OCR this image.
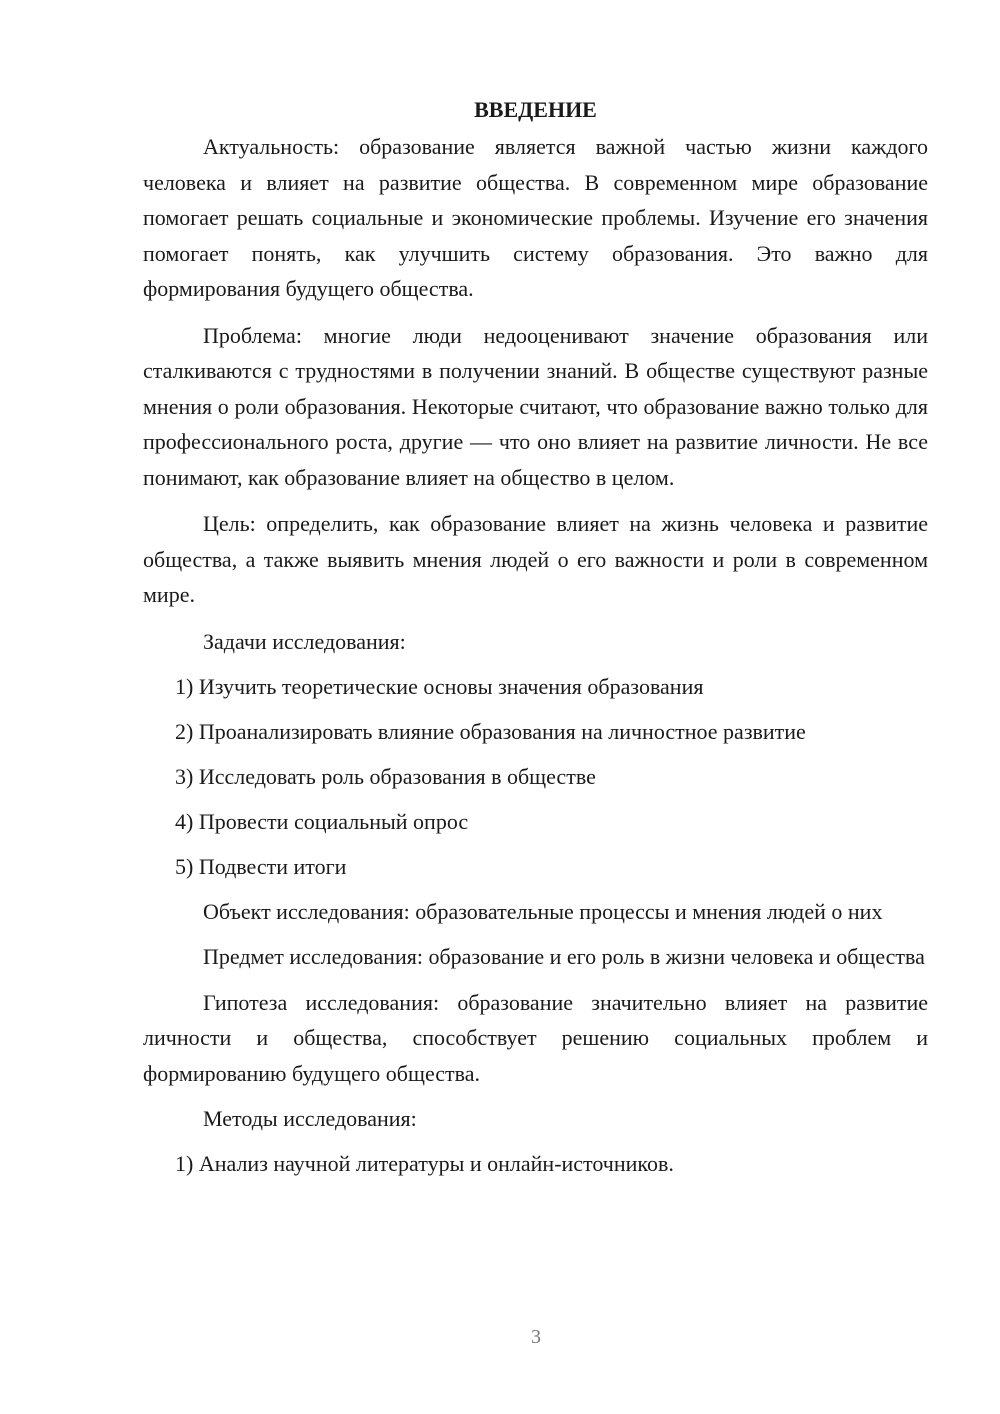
ВВЕДЕНИЕ

Актуальность: образование является важной частью жизни каждого человека и влияет на развитие общества. В современном мире образование помогает решать социальные и экономические проблемы. Изучение его значения помогает понять, как улучшить систему образования. Это важно для формирования будущего общества.

Проблема: многие люди недооценивают значение образования или сталкиваются с трудностями в получении знаний. В обществе существуют разные мнения о роли образования. Некоторые считают, что образование важно только для профессионального роста, другие — что оно влияет на развитие личности. Не все понимают, как образование влияет на общество в целом.

Цель: определить, как образование влияет на жизнь человека и развитие общества, а также выявить мнения людей о его важности и роли в современном мире.

Задачи исследования:

1) Изучить теоретические основы значения образования

2) Проанализировать влияние образования на личностное развитие

3) Исследовать роль образования в обществе

4) Провести социальный опрос

5) Подвести итоги

Объект исследования: образовательные процессы и мнения людей о них

Предмет исследования: образование и его роль в жизни человека и общества

Гипотеза исследования: образование значительно влияет на развитие личности и общества, способствует решению социальных проблем и формированию будущего общества.

Методы исследования:

1) Анализ научной литературы и онлайн-источников.

3
